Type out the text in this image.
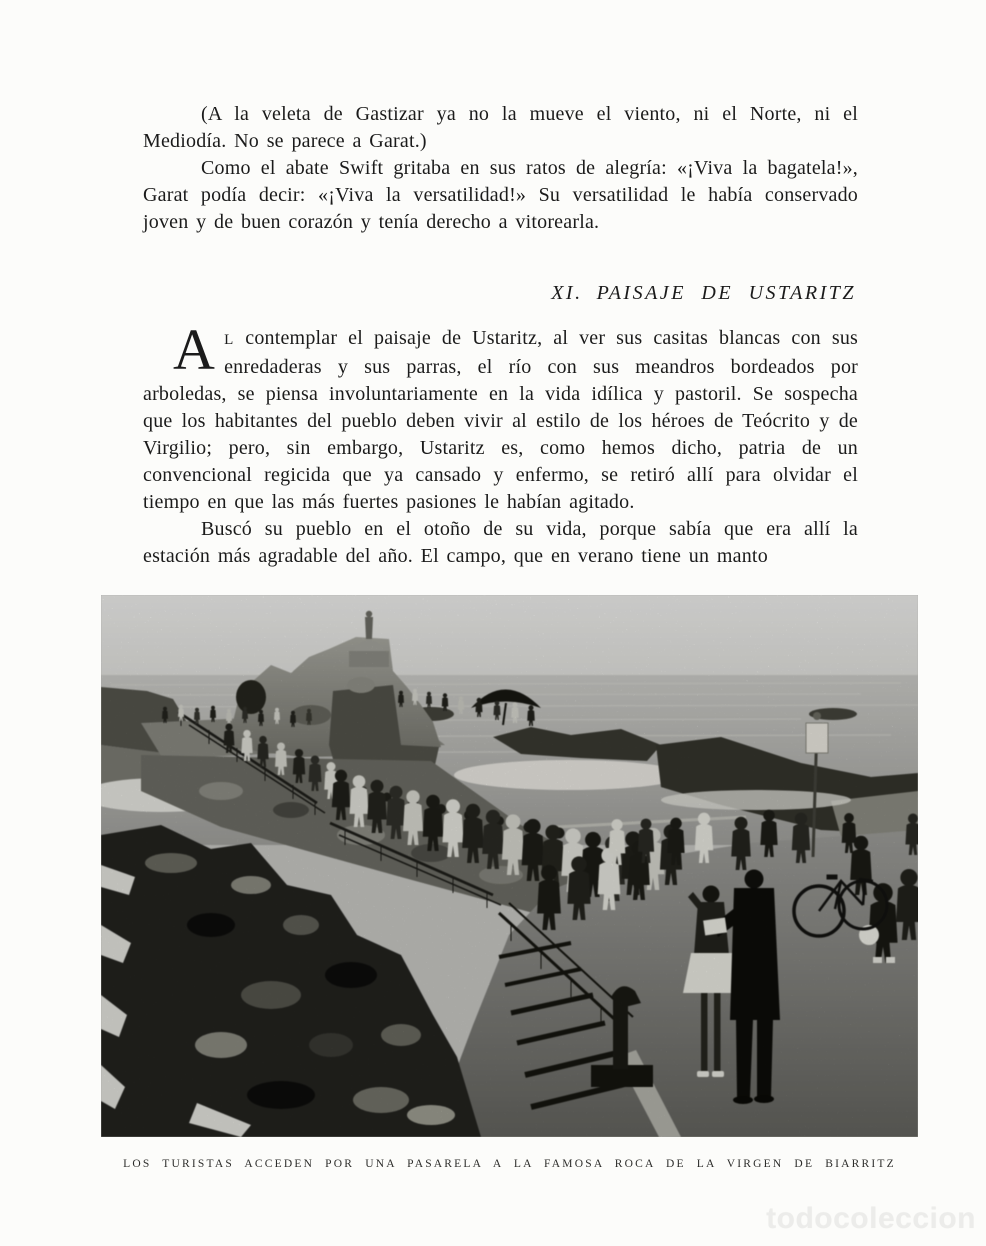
(A la veleta de Gastizar ya no la mueve el viento, ni el Norte, ni el Mediodía. No se parece a Garat.)

Como el abate Swift gritaba en sus ratos de alegría: «¡Viva la bagatela!», Garat podía decir: «¡Viva la versatilidad!» Su versatilidad le había conservado joven y de buen corazón y tenía derecho a vitorearla.

XI. PAISAJE DE USTARITZ

A L contemplar el paisaje de Ustaritz, al ver sus casitas blancas con sus enredaderas y sus parras, el río con sus meandros bordeados por arboledas, se piensa involuntariamente en la vida idílica y pastoril. Se sospecha que los habitantes del pueblo deben vivir al estilo de los héroes de Teócrito y de Virgilio; pero, sin embargo, Ustaritz es, como hemos dicho, patria de un convencional regicida que ya cansado y enfermo, se retiró allí para olvidar el tiempo en que las más fuertes pasiones le habían agitado.

Buscó su pueblo en el otoño de su vida, porque sabía que era allí la estación más agradable del año. El campo, que en verano tiene un manto

LOS TURISTAS ACCEDEN POR UNA PASARELA A LA FAMOSA ROCA DE LA VIRGEN DE BIARRITZ
todocoleccion
